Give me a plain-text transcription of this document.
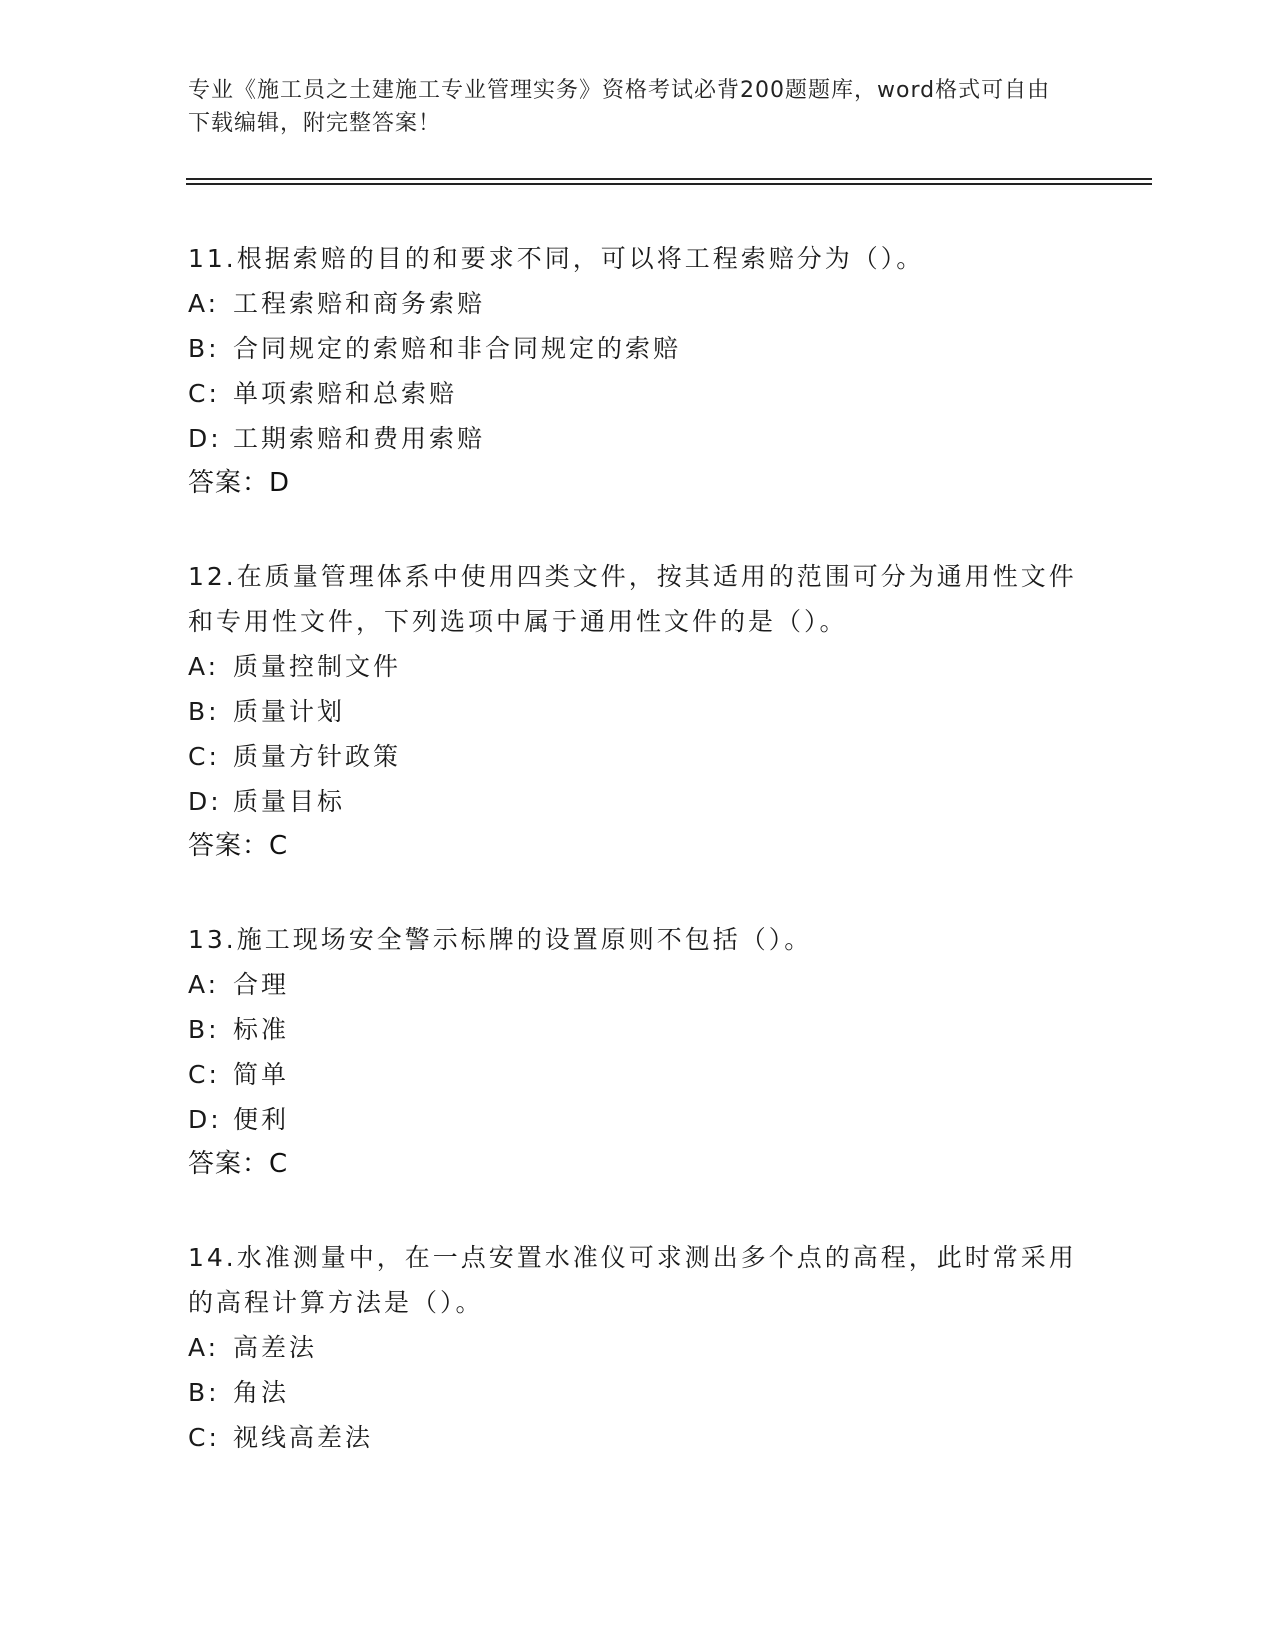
专业《施工员之土建施工专业管理实务》资格考试必背200题题库，word格式可自由下载编辑，附完整答案！

11.根据索赔的目的和要求不同，可以将工程索赔分为（）。

A: 工程索赔和商务索赔

B: 合同规定的索赔和非合同规定的索赔

C: 单项索赔和总索赔

D: 工期索赔和费用索赔

答案：D

12.在质量管理体系中使用四类文件，按其适用的范围可分为通用性文件和专用性文件，下列选项中属于通用性文件的是（）。

A: 质量控制文件

B: 质量计划

C: 质量方针政策

D: 质量目标

答案：C

13.施工现场安全警示标牌的设置原则不包括（）。

A: 合理

B: 标准

C: 简单

D: 便利

答案：C

14.水准测量中，在一点安置水准仪可求测出多个点的高程，此时常采用的高程计算方法是（）。

A: 高差法

B: 角法

C: 视线高差法
